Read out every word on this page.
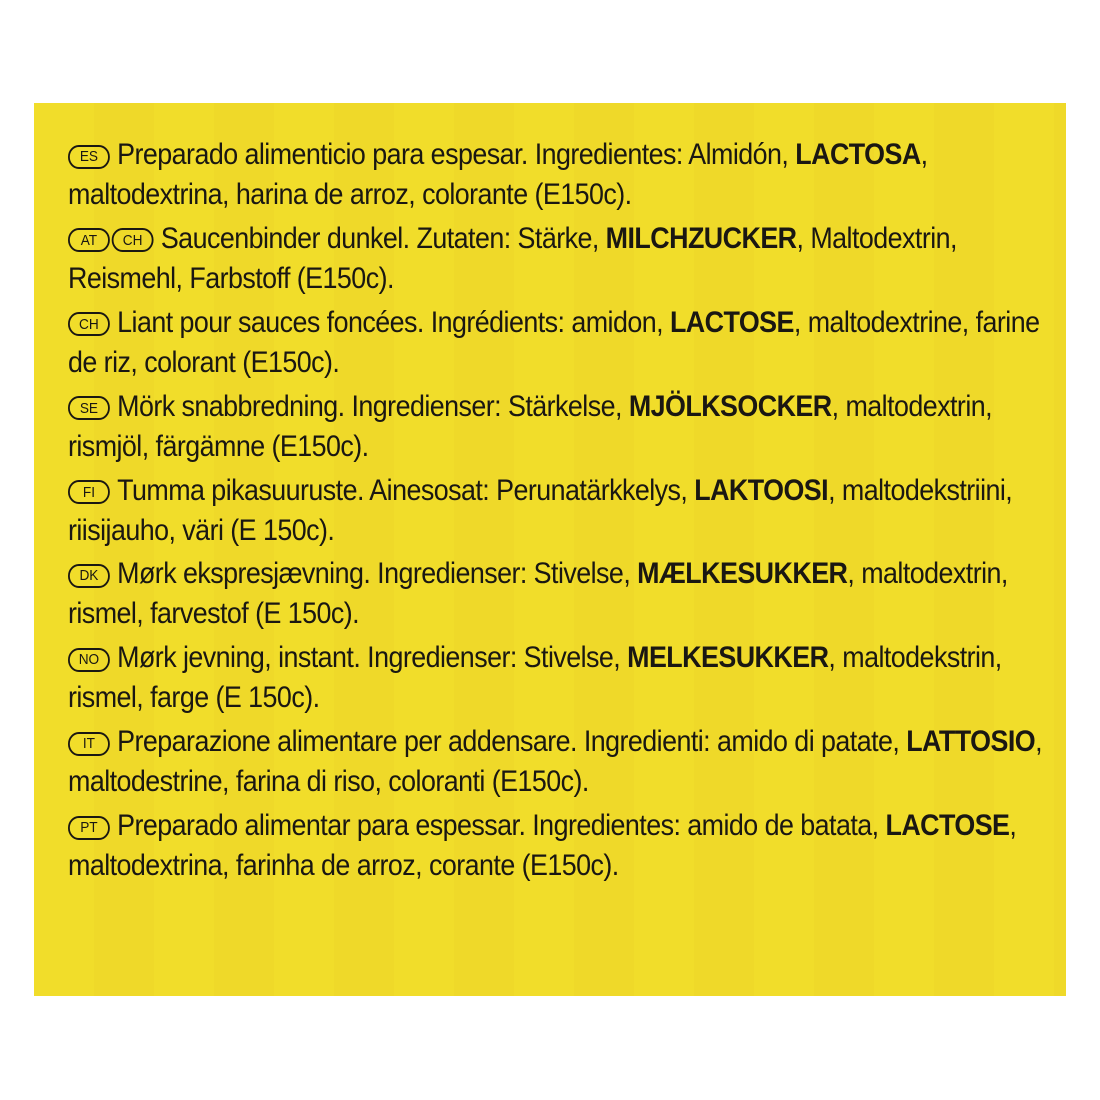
ES Preparado alimenticio para espesar. Ingredientes: Almidón, LACTOSA, maltodextrina, harina de arroz, colorante (E150c).

AT CH Saucenbinder dunkel. Zutaten: Stärke, MILCHZUCKER, Maltodextrin, Reismehl, Farbstoff (E150c).

CH Liant pour sauces foncées. Ingrédients: amidon, LACTOSE, maltodextrine, farine de riz, colorant (E150c).

SE Mörk snabbredning. Ingredienser: Stärkelse, MJÖLKSOCKER, maltodextrin, rismjöl, färgämne (E150c).

FI Tumma pikasuuruste. Ainesosat: Perunatärkkelys, LAKTOOSI, maltodekstriini, riisijauho, väri (E 150c).

DK Mørk ekspresjævning. Ingredienser: Stivelse, MÆLKESUKKER, maltodextrin, rismel, farvestof (E 150c).

NO Mørk jevning, instant. Ingredienser: Stivelse, MELKESUKKER, maltodekstrin, rismel, farge (E 150c).

IT Preparazione alimentare per addensare. Ingredienti: amido di patate, LATTOSIO, maltodestrine, farina di riso, coloranti (E150c).

PT Preparado alimentar para espessar. Ingredientes: amido de batata, LACTOSE, maltodextrina, farinha de arroz, corante (E150c).
